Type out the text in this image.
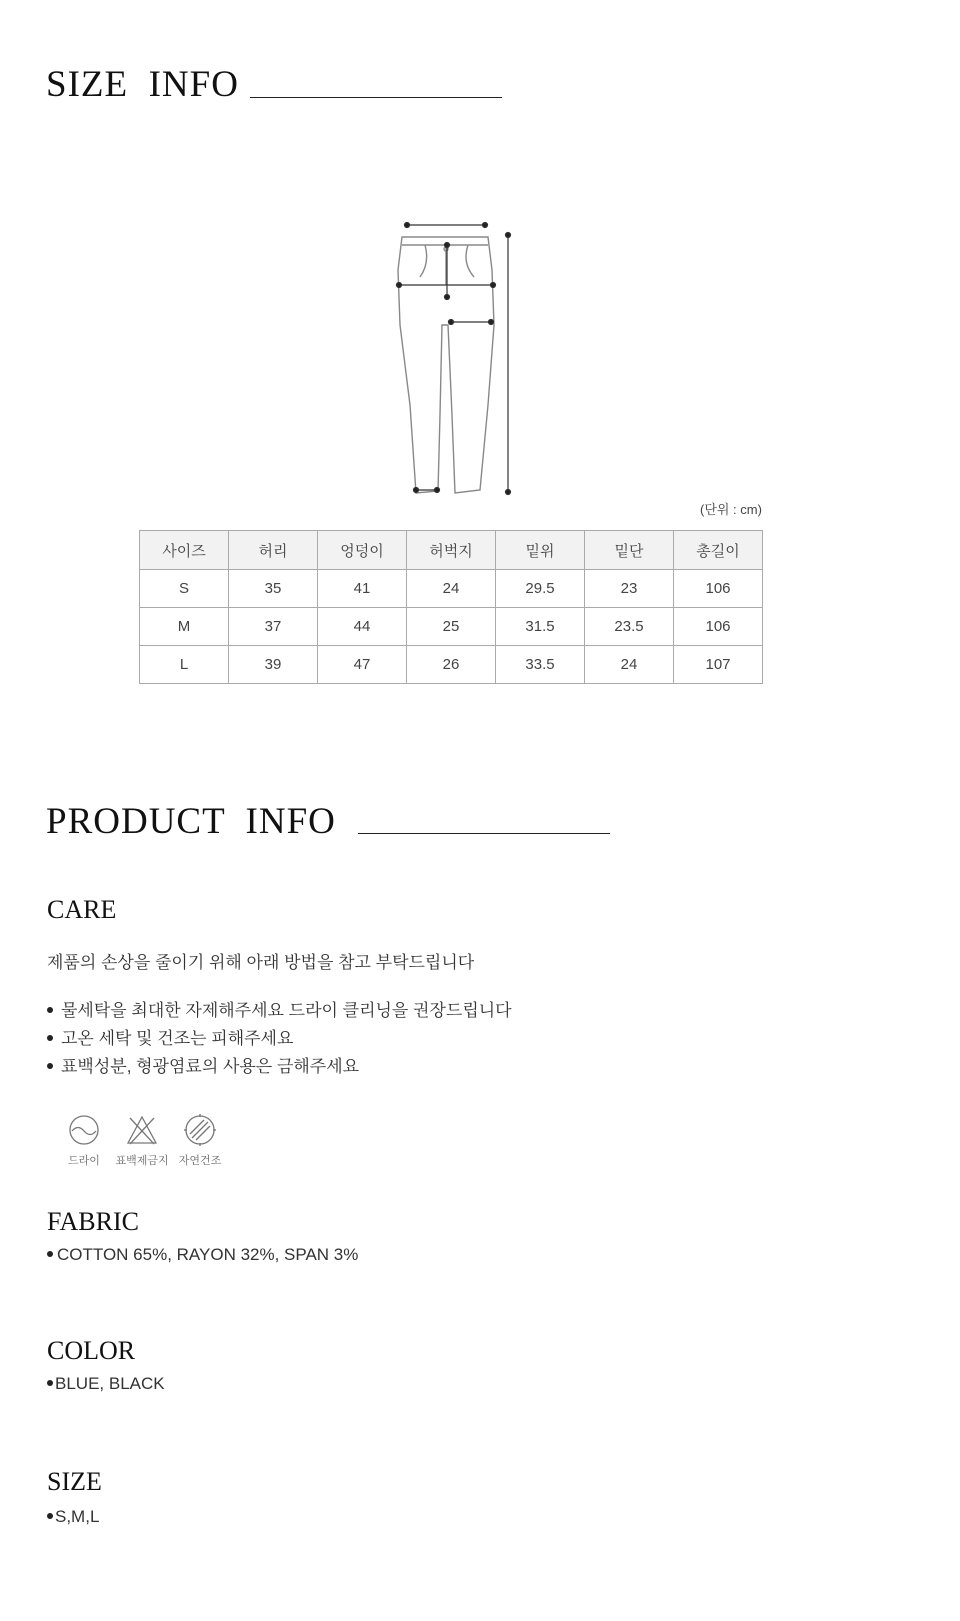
SIZE  INFO
(단위 : cm)
사이즈	허리	엉덩이	허벅지	밑위	밑단	총길이
S	35	41	24	29.5	23	106
M	37	44	25	31.5	23.5	106
L	39	47	26	33.5	24	107
PRODUCT  INFO
CARE
제품의 손상을 줄이기 위해 아래 방법을 참고 부탁드립니다
물세탁을 최대한 자제해주세요 드라이 클리닝을 권장드립니다
고온 세탁 및 건조는 피해주세요
표백성분, 형광염료의 사용은 금해주세요
드라이 표백제금지 자연건조
FABRIC
COTTON 65%, RAYON 32%, SPAN 3%
COLOR
BLUE, BLACK
SIZE
S,M,L
